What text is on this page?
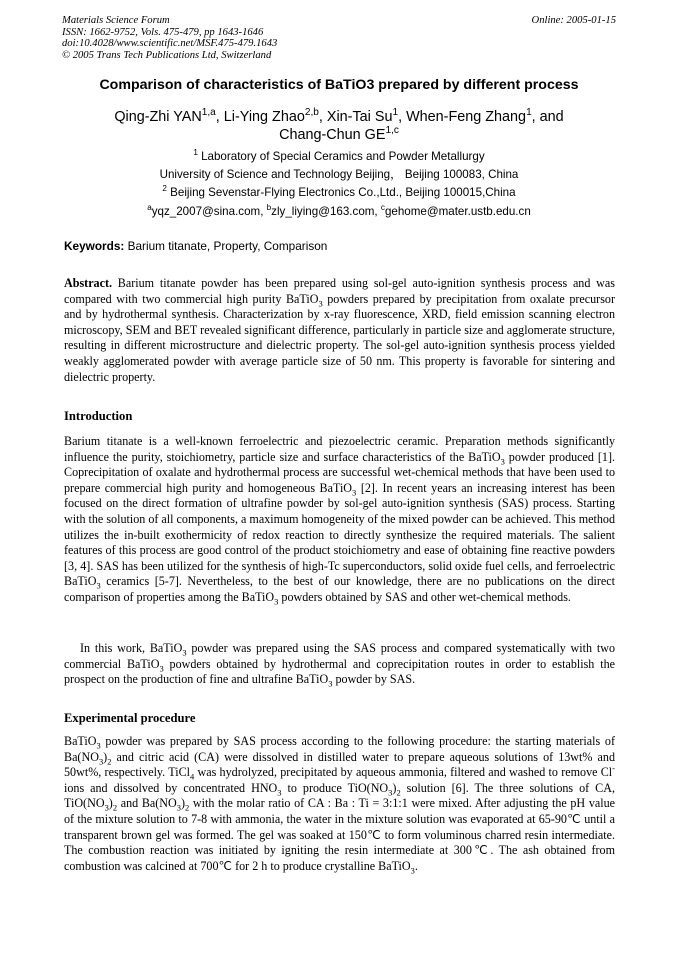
Materials Science Forum
ISSN: 1662-9752, Vols. 475-479, pp 1643-1646
doi:10.4028/www.scientific.net/MSF.475-479.1643
© 2005 Trans Tech Publications Ltd, Switzerland
Online: 2005-01-15
Comparison of characteristics of BaTiO3 prepared by different process
Qing-Zhi YAN$^{1,a}$, Li-Ying Zhao$^{2,b}$, Xin-Tai Su$^1$, When-Feng Zhang$^1$, and
Chang-Chun GE$^{1,c}$
$^1$ Laboratory of Special Ceramics and Powder Metallurgy
University of Science and Technology Beijing， Beijing 100083, China
$^2$ Beijing Sevenstar-Flying Electronics Co.,Ltd., Beijing 100015,China
$^a$yqz_2007@sina.com, $^b$zly_liying@163.com, $^c$gehome@mater.ustb.edu.cn
Keywords: Barium titanate, Property, Comparison

Abstract. Barium titanate powder has been prepared using sol-gel auto-ignition synthesis process and was compared with two commercial high purity BaTiO$_3$ powders prepared by precipitation from oxalate precursor and by hydrothermal synthesis. Characterization by x-ray fluorescence, XRD, field emission scanning electron microscopy, SEM and BET revealed significant difference, particularly in particle size and agglomerate structure, resulting in different microstructure and dielectric property. The sol-gel auto-ignition synthesis process yielded weakly agglomerated powder with average particle size of 50 nm. This property is favorable for sintering and dielectric property.

Introduction

Barium titanate is a well-known ferroelectric and piezoelectric ceramic. Preparation methods significantly influence the purity, stoichiometry, particle size and surface characteristics of the BaTiO$_3$ powder produced [1]. Coprecipitation of oxalate and hydrothermal process are successful wet-chemical methods that have been used to prepare commercial high purity and homogeneous BaTiO$_3$ [2]. In recent years an increasing interest has been focused on the direct formation of ultrafine powder by sol-gel auto-ignition synthesis (SAS) process. Starting with the solution of all components, a maximum homogeneity of the mixed powder can be achieved. This method utilizes the in-built exothermicity of redox reaction to directly synthesize the required materials. The salient features of this process are good control of the product stoichiometry and ease of obtaining fine reactive powders [3, 4]. SAS has been utilized for the synthesis of high-Tc superconductors, solid oxide fuel cells, and ferroelectric BaTiO$_3$ ceramics [5-7]. Nevertheless, to the best of our knowledge, there are no publications on the direct comparison of properties among the BaTiO$_3$ powders obtained by SAS and other wet-chemical methods.

In this work, BaTiO$_3$ powder was prepared using the SAS process and compared systematically with two commercial BaTiO$_3$ powders obtained by hydrothermal and coprecipitation routes in order to establish the prospect on the production of fine and ultrafine BaTiO$_3$ powder by SAS.

Experimental procedure

BaTiO$_3$ powder was prepared by SAS process according to the following procedure: the starting materials of $Ba(NO_3)_2$ and citric acid (CA) were dissolved in distilled water to prepare aqueous solutions of 13wt% and 50wt%, respectively. TiCl$_4$ was hydrolyzed, precipitated by aqueous ammonia, filtered and washed to remove Cl- ions and dissolved by concentrated $HNO_3$ to produce $TiO(NO_3)_2$ solution [6]. The three solutions of CA, $TiO(NO_3)_2$ and $Ba(NO_3)_2$ with the molar ratio of CA : Ba : Ti = 3:1:1 were mixed. After adjusting the pH value of the mixture solution to 7-8 with ammonia, the water in the mixture solution was evaporated at 65-90℃ until a transparent brown gel was formed. The gel was soaked at 150℃ to form voluminous charred resin intermediate. The combustion reaction was initiated by igniting the resin intermediate at 300℃. The ash obtained from combustion was calcined at 700℃ for 2 h to produce crystalline BaTiO$_3$.
